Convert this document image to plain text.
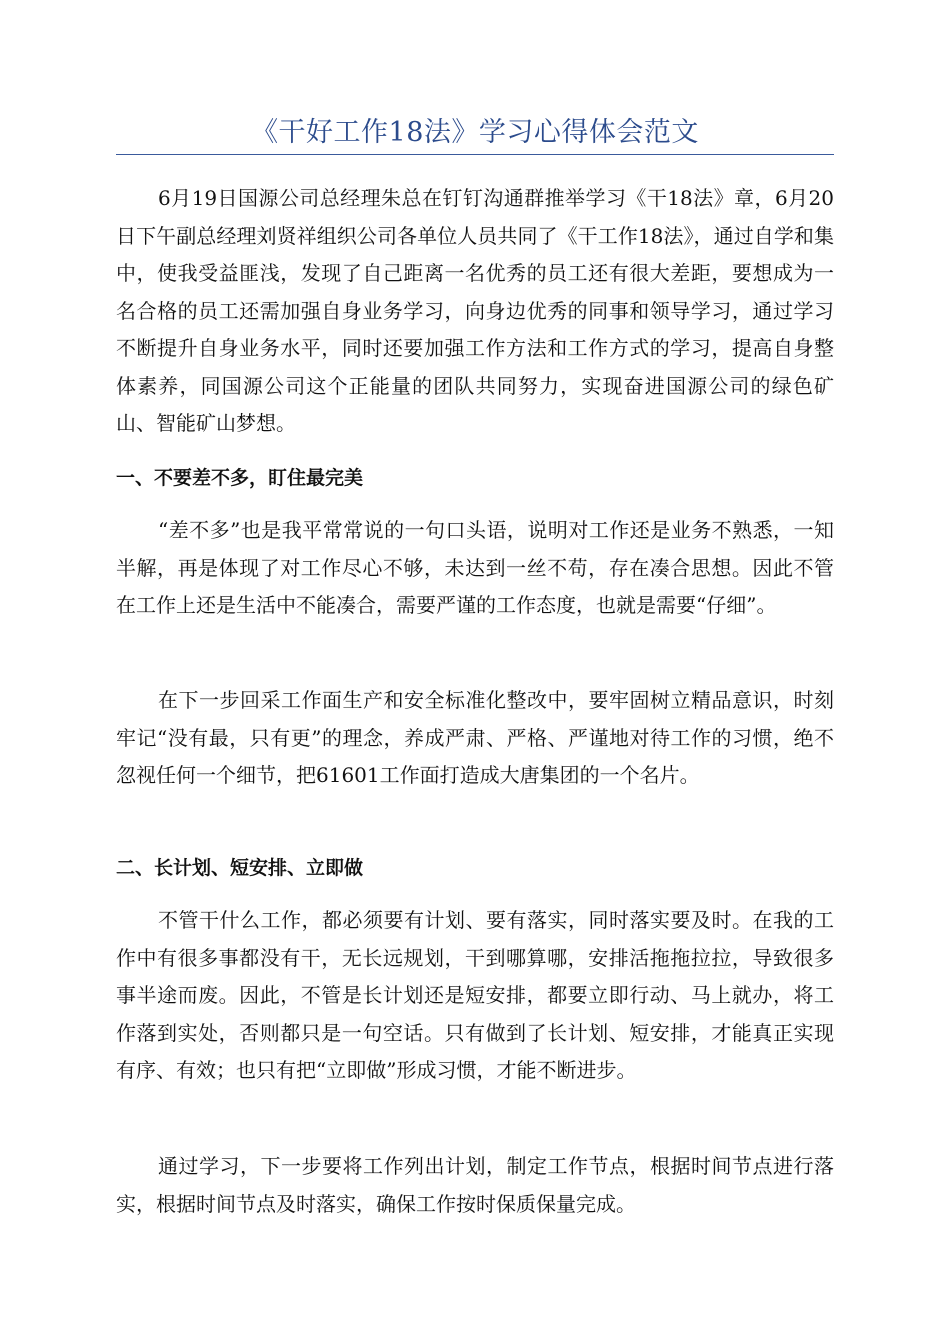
《干好工作18法》学习心得体会范文

6月19日国源公司总经理朱总在钉钉沟通群推举学习《干18法》章，6月20日下午副总经理刘贤祥组织公司各单位人员共同了《干工作18法》，通过自学和集中，使我受益匪浅，发现了自己距离一名优秀的员工还有很大差距，要想成为一名合格的员工还需加强自身业务学习，向身边优秀的同事和领导学习，通过学习不断提升自身业务水平，同时还要加强工作方法和工作方式的学习，提高自身整体素养，同国源公司这个正能量的团队共同努力，实现奋进国源公司的绿色矿山、智能矿山梦想。

一、不要差不多，盯住最完美

“差不多”也是我平常常说的一句口头语，说明对工作还是业务不熟悉，一知半解，再是体现了对工作尽心不够，未达到一丝不苟，存在凑合思想。因此不管在工作上还是生活中不能凑合，需要严谨的工作态度，也就是需要“仔细”。

在下一步回采工作面生产和安全标准化整改中，要牢固树立精品意识，时刻牢记“没有最，只有更”的理念，养成严肃、严格、严谨地对待工作的习惯，绝不忽视任何一个细节，把61601工作面打造成大唐集团的一个名片。

二、长计划、短安排、立即做

不管干什么工作，都必须要有计划、要有落实，同时落实要及时。在我的工作中有很多事都没有干，无长远规划，干到哪算哪，安排活拖拖拉拉，导致很多事半途而废。因此，不管是长计划还是短安排，都要立即行动、马上就办，将工作落到实处，否则都只是一句空话。只有做到了长计划、短安排，才能真正实现有序、有效；也只有把“立即做”形成习惯，才能不断进步。

通过学习，下一步要将工作列出计划，制定工作节点，根据时间节点进行落实，根据时间节点及时落实，确保工作按时保质保量完成。
